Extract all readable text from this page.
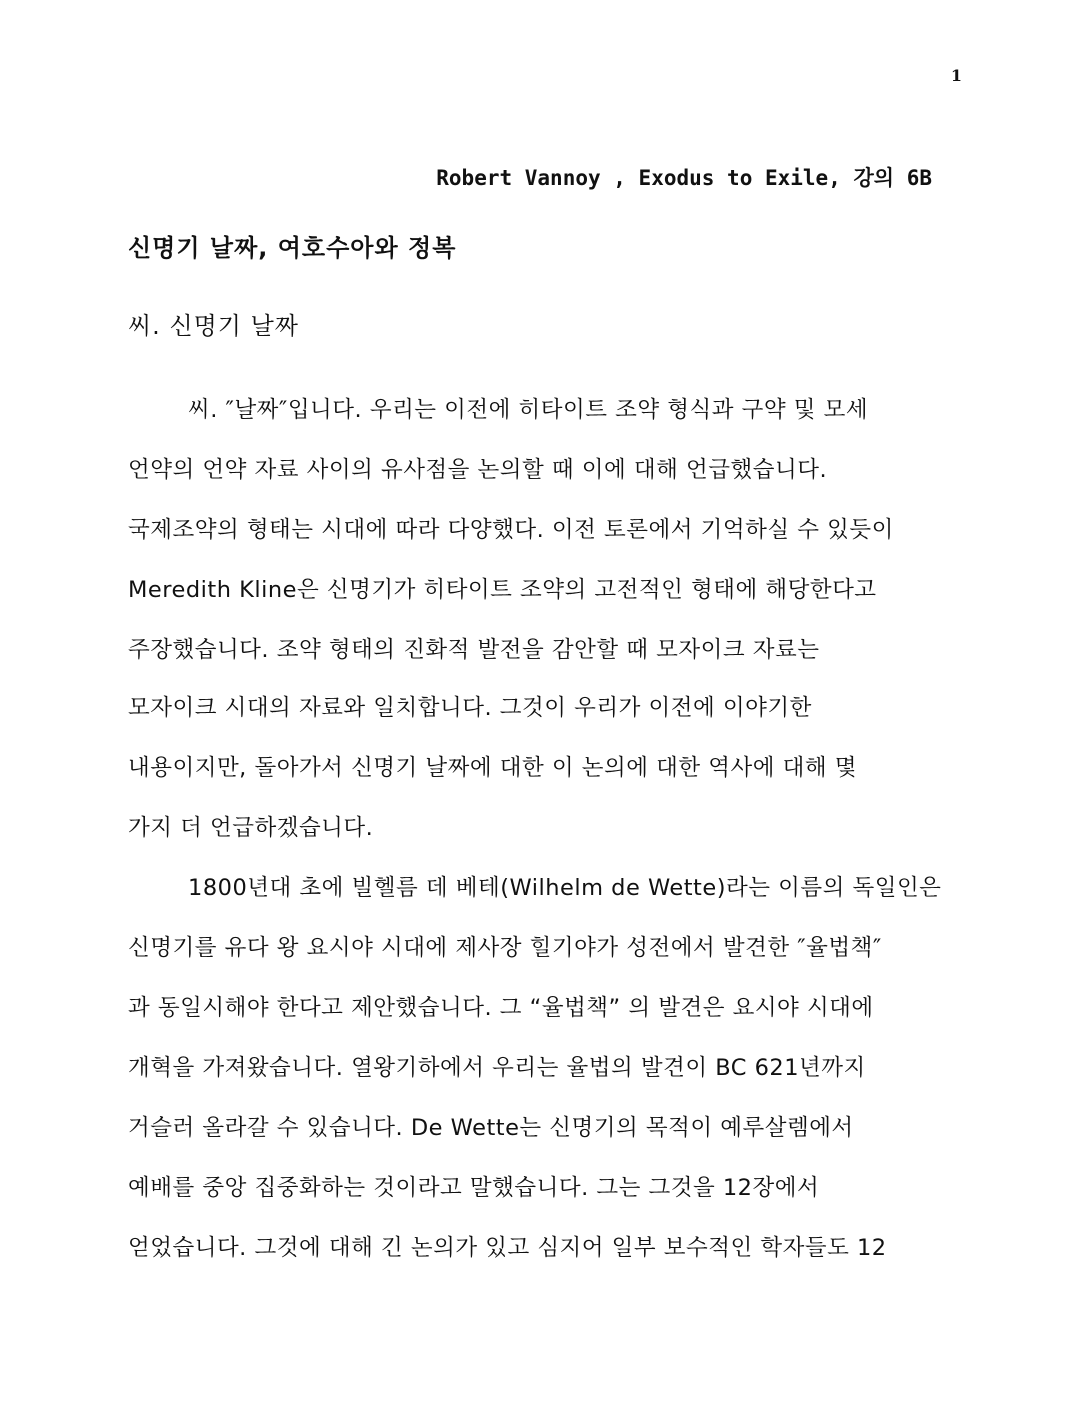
1
Robert Vannoy , Exodus to Exile, 강의 6B
신명기 날짜, 여호수아와 정복
씨. 신명기 날짜
씨. ″날짜″입니다. 우리는 이전에 히타이트 조약 형식과 구약 및 모세
언약의 언약 자료 사이의 유사점을 논의할 때 이에 대해 언급했습니다.
국제조약의 형태는 시대에 따라 다양했다. 이전 토론에서 기억하실 수 있듯이
Meredith Kline은 신명기가 히타이트 조약의 고전적인 형태에 해당한다고
주장했습니다. 조약 형태의 진화적 발전을 감안할 때 모자이크 자료는
모자이크 시대의 자료와 일치합니다. 그것이 우리가 이전에 이야기한
내용이지만, 돌아가서 신명기 날짜에 대한 이 논의에 대한 역사에 대해 몇
가지 더 언급하겠습니다.
1800년대 초에 빌헬름 데 베테(Wilhelm de Wette)라는 이름의 독일인은
신명기를 유다 왕 요시야 시대에 제사장 힐기야가 성전에서 발견한 ″율법책″
과 동일시해야 한다고 제안했습니다. 그 “율법책” 의 발견은 요시야 시대에
개혁을 가져왔습니다. 열왕기하에서 우리는 율법의 발견이 BC 621년까지
거슬러 올라갈 수 있습니다. De Wette는 신명기의 목적이 예루살렘에서
예배를 중앙 집중화하는 것이라고 말했습니다. 그는 그것을 12장에서
얻었습니다. 그것에 대해 긴 논의가 있고 심지어 일부 보수적인 학자들도 12
